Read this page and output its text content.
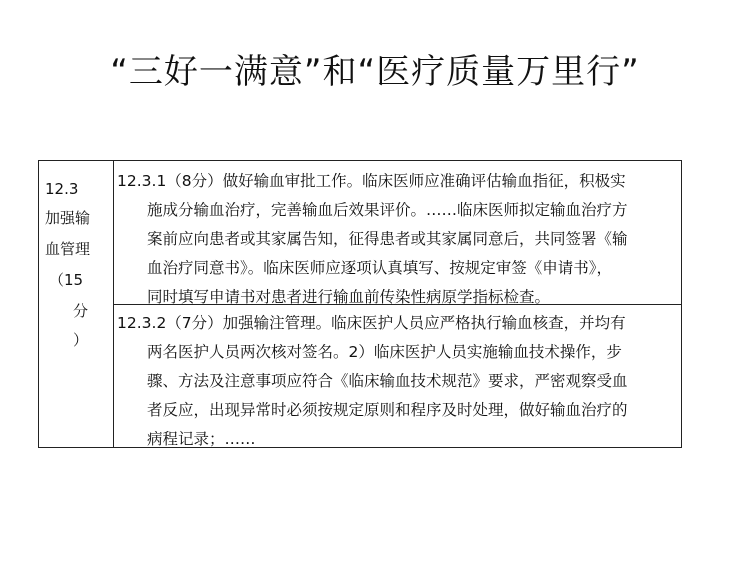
“三好一满意”和“医疗质量万里行”
12.3
加强输
血管理
（15
分
）
12.3.1（8分）做好输血审批工作。临床医师应准确评估输血指征，积极实
施成分输血治疗，完善输血后效果评价。……临床医师拟定输血治疗方
案前应向患者或其家属告知，征得患者或其家属同意后，共同签署《输
血治疗同意书》。临床医师应逐项认真填写、按规定审签《申请书》，
同时填写申请书对患者进行输血前传染性病原学指标检查。
12.3.2（7分）加强输注管理。临床医护人员应严格执行输血核查，并均有
两名医护人员两次核对签名。2）临床医护人员实施输血技术操作，步
骤、方法及注意事项应符合《临床输血技术规范》要求，严密观察受血
者反应，出现异常时必须按规定原则和程序及时处理，做好输血治疗的
病程记录；……
